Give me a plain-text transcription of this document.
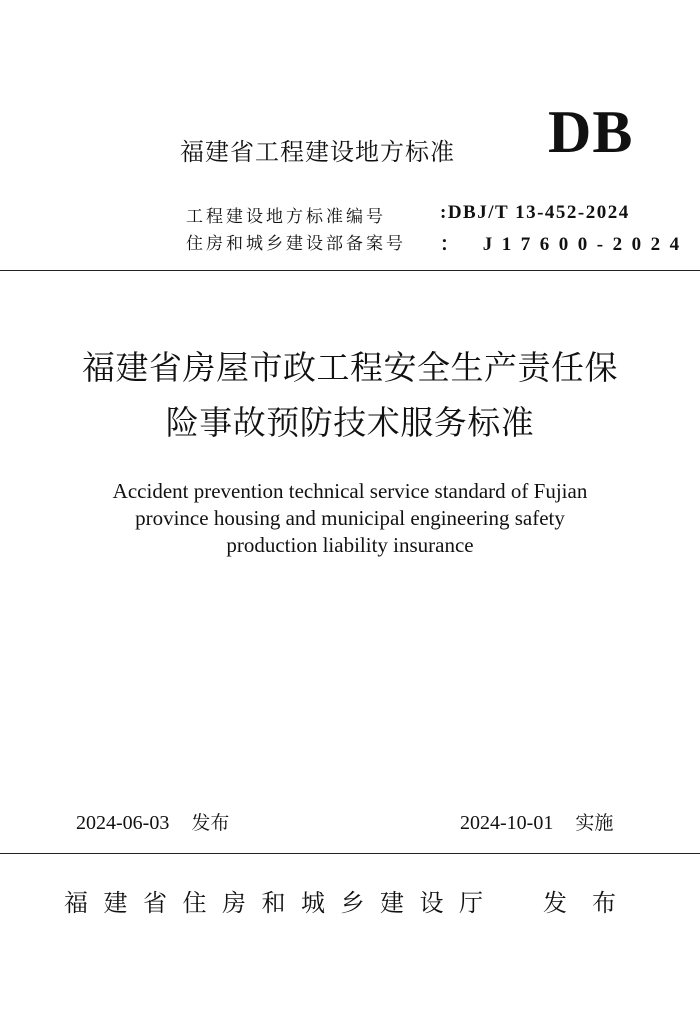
福建省工程建设地方标准 DB
工程建设地方标准编号	:DBJ/T 13-452-2024
住房和城乡建设部备案号 ： J17600-2024
福建省房屋市政工程安全生产责任保
险事故预防技术服务标准
Accident prevention technical service standard of Fujian
province housing and municipal engineering safety
production liability insurance
2024-06-03 发布	2024-10-01 实施
福建省住房和城乡建设厅 发布
